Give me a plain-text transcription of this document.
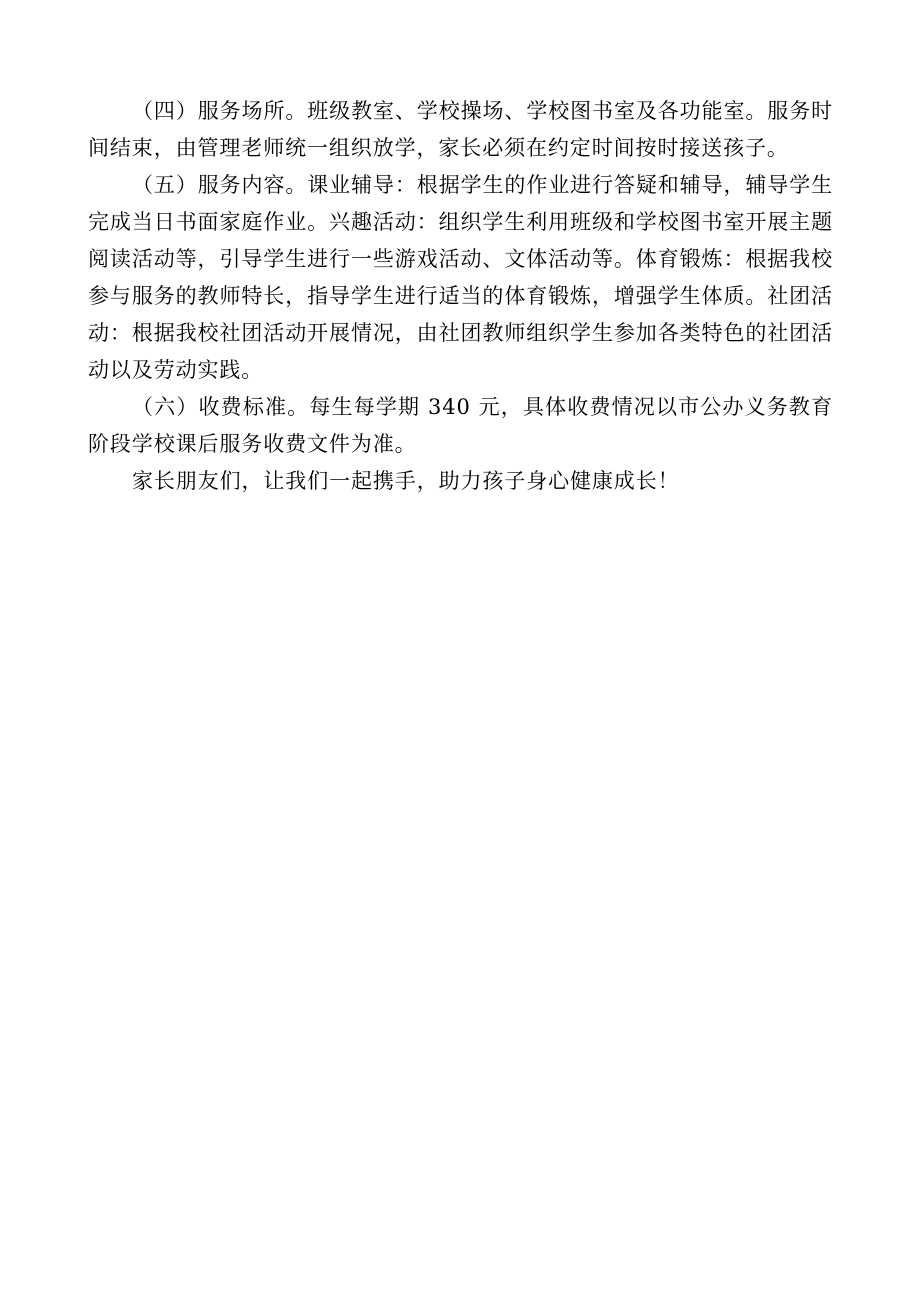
（四）服务场所。班级教室、学校操场、学校图书室及各功能室。服务时间结束，由管理老师统一组织放学，家长必须在约定时间按时接送孩子。

（五）服务内容。课业辅导：根据学生的作业进行答疑和辅导，辅导学生完成当日书面家庭作业。兴趣活动：组织学生利用班级和学校图书室开展主题阅读活动等，引导学生进行一些游戏活动、文体活动等。体育锻炼：根据我校参与服务的教师特长，指导学生进行适当的体育锻炼，增强学生体质。社团活动：根据我校社团活动开展情况，由社团教师组织学生参加各类特色的社团活动以及劳动实践。

（六）收费标准。每生每学期 340 元，具体收费情况以市公办义务教育阶段学校课后服务收费文件为准。

家长朋友们，让我们一起携手，助力孩子身心健康成长！
